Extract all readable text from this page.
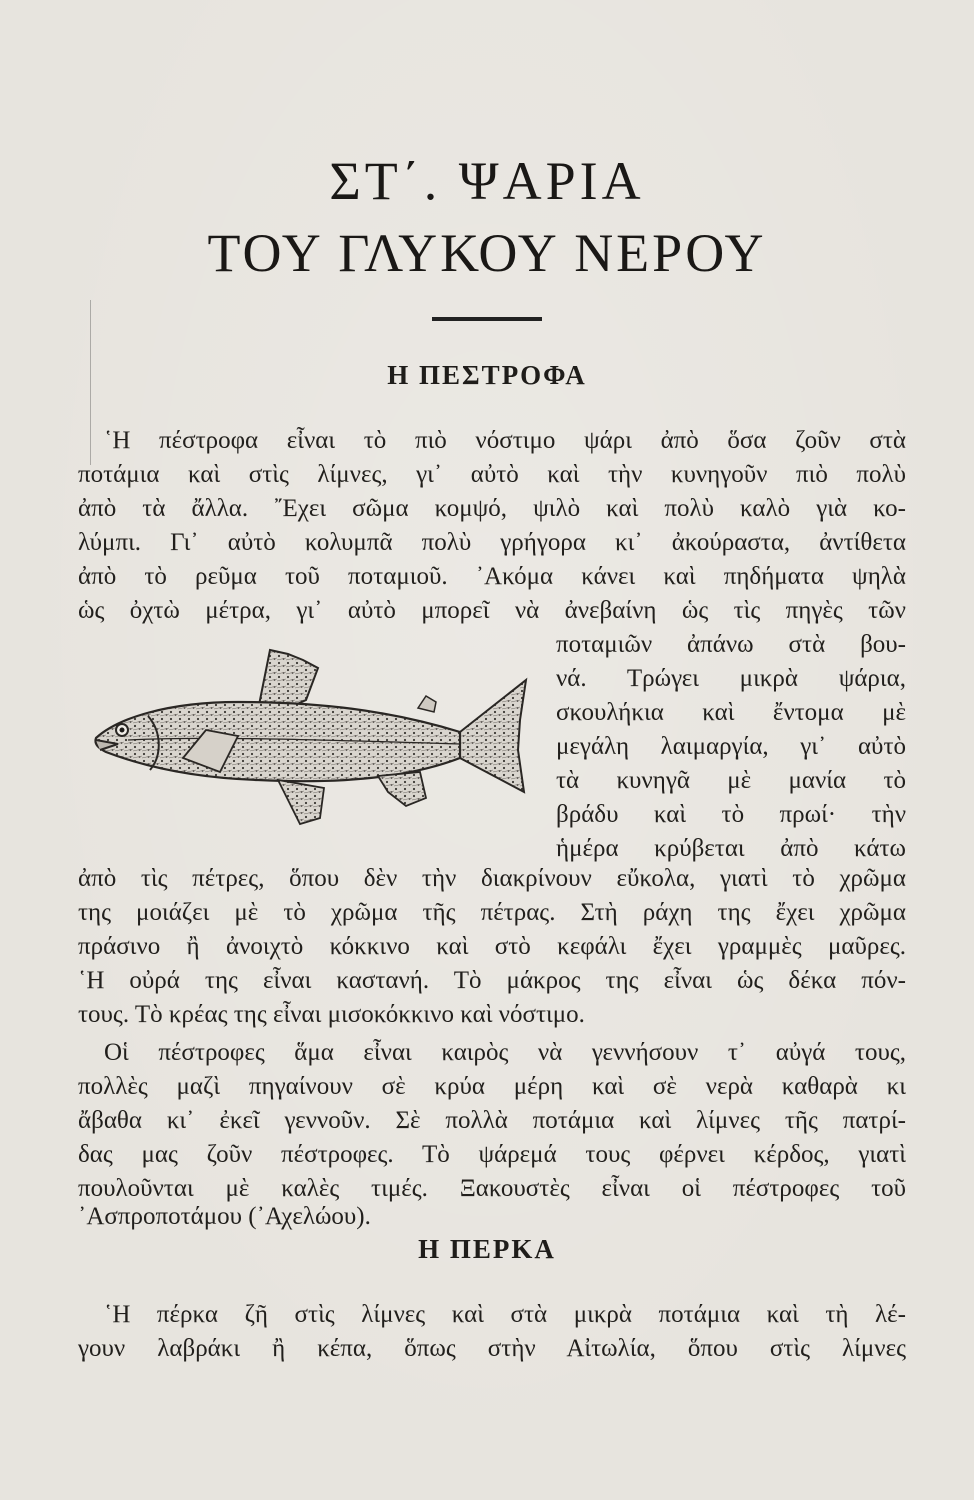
ΣΤ΄. ΨΑΡΙΑ
ΤΟΥ ΓΛΥΚΟΥ ΝΕΡΟΥ
Η ΠΕΣΤΡΟΦΑ
῾Η πέστροφα εἶναι τὸ πιὸ νόστιμο ψάρι ἀπὸ ὅσα ζοῦν στὰ
ποτάμια καὶ στὶς λίμνες, γι᾽ αὐτὸ καὶ τὴν κυνηγοῦν πιὸ πολὺ
ἀπὸ τὰ ἄλλα. ῎Εχει σῶμα κομψό, ψιλὸ καὶ πολὺ καλὸ γιὰ κο-
λύμπι. Γι᾽ αὐτὸ κολυμπᾶ πολὺ γρήγορα κι᾽ ἀκούραστα, ἀντίθετα
ἀπὸ τὸ ρεῦμα τοῦ ποταμιοῦ. ᾽Ακόμα κάνει καὶ πηδήματα ψηλὰ
ὡς ὀχτὼ μέτρα, γι᾽ αὐτὸ μπορεῖ νὰ ἀνεβαίνη ὡς τὶς πηγὲς τῶν
ποταμιῶν ἀπάνω στὰ βου-
νά. Τρώγει μικρὰ ψάρια,
σκουλήκια καὶ ἔντομα μὲ
μεγάλη λαιμαργία, γι᾽ αὐτὸ
τὰ κυνηγᾶ μὲ μανία τὸ
βράδυ καὶ τὸ πρωί· τὴν
ἡμέρα κρύβεται ἀπὸ κάτω
ἀπὸ τὶς πέτρες, ὅπου δὲν τὴν διακρίνουν εὔκολα, γιατὶ τὸ χρῶμα
της μοιάζει μὲ τὸ χρῶμα τῆς πέτρας. Στὴ ράχη της ἔχει χρῶμα
πράσινο ἢ ἀνοιχτὸ κόκκινο καὶ στὸ κεφάλι ἔχει γραμμὲς μαῦρες.
῾Η οὐρά της εἶναι καστανή. Τὸ μάκρος της εἶναι ὡς δέκα πόν-
τους. Τὸ κρέας της εἶναι μισοκόκκινο καὶ νόστιμο.
Οἱ πέστροφες ἅμα εἶναι καιρὸς νὰ γεννήσουν τ᾽ αὐγά τους,
πολλὲς μαζὶ πηγαίνουν σὲ κρύα μέρη καὶ σὲ νερὰ καθαρὰ κι
ἄβαθα κι᾽ ἐκεῖ γεννοῦν. Σὲ πολλὰ ποτάμια καὶ λίμνες τῆς πατρί-
δας μας ζοῦν πέστροφες. Τὸ ψάρεμά τους φέρνει κέρδος, γιατὶ
πουλοῦνται μὲ καλὲς τιμές. Ξακουστὲς εἶναι οἱ πέστροφες τοῦ
᾽Ασπροποτάμου (᾽Αχελώου).
Η ΠΕΡΚΑ
῾Η πέρκα ζῆ στὶς λίμνες καὶ στὰ μικρὰ ποτάμια καὶ τὴ λέ-
γουν λαβράκι ἢ κέπα, ὅπως στὴν Αἰτωλία, ὅπου στὶς λίμνες
